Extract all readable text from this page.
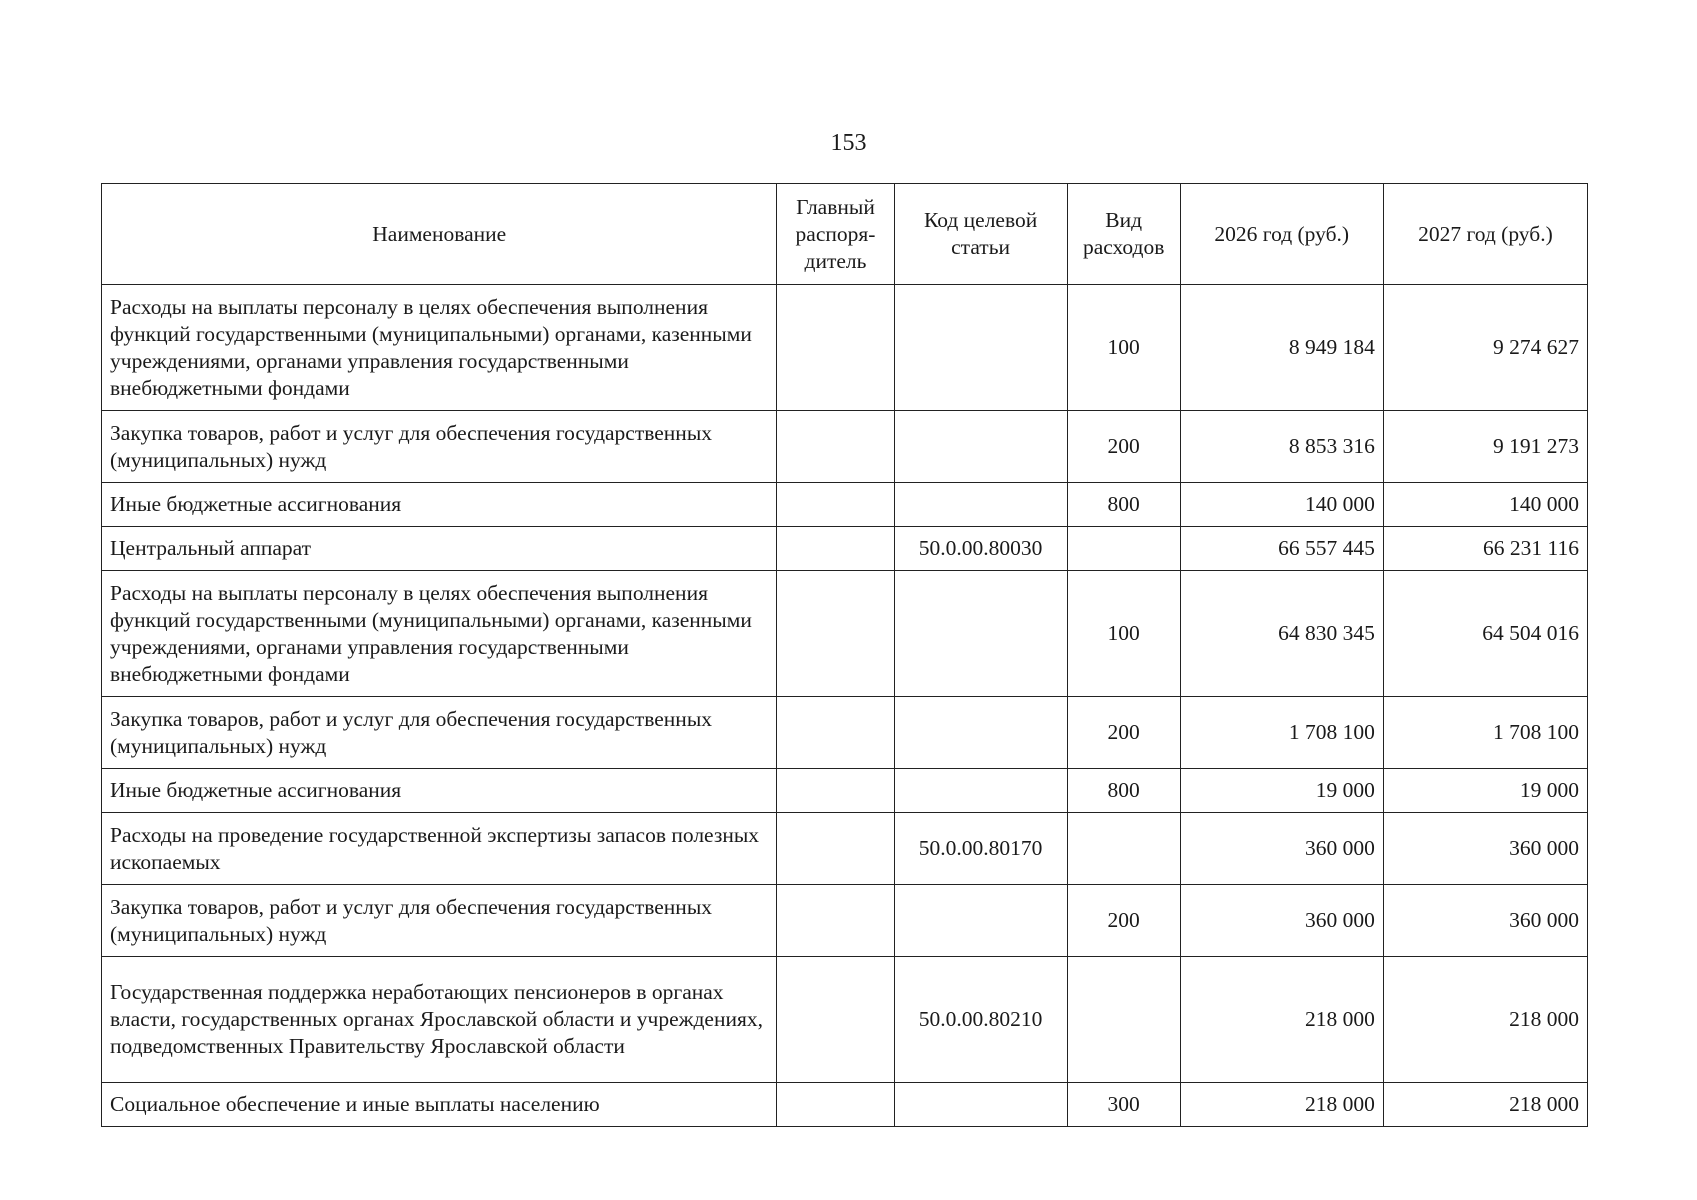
153
Наименование	Главный распоря-дитель	Код целевой статьи	Вид расходов	2026 год (руб.)	2027 год (руб.)
Расходы на выплаты персоналу в целях обеспечения выполнения функций государственными (муниципальными) органами, казенными учреждениями, органами управления государственными внебюджетными фондами			100	8 949 184	9 274 627
Закупка товаров, работ и услуг для обеспечения государственных (муниципальных) нужд			200	8 853 316	9 191 273
Иные бюджетные ассигнования			800	140 000	140 000
Центральный аппарат		50.0.00.80030		66 557 445	66 231 116
Расходы на выплаты персоналу в целях обеспечения выполнения функций государственными (муниципальными) органами, казенными учреждениями, органами управления государственными внебюджетными фондами			100	64 830 345	64 504 016
Закупка товаров, работ и услуг для обеспечения государственных (муниципальных) нужд			200	1 708 100	1 708 100
Иные бюджетные ассигнования			800	19 000	19 000
Расходы на проведение государственной экспертизы запасов полезных ископаемых		50.0.00.80170		360 000	360 000
Закупка товаров, работ и услуг для обеспечения государственных (муниципальных) нужд			200	360 000	360 000
Государственная поддержка неработающих пенсионеров в органах власти, государственных органах Ярославской области и учреждениях, подведомственных Правительству Ярославской области		50.0.00.80210		218 000	218 000
Социальное обеспечение и иные выплаты населению			300	218 000	218 000
